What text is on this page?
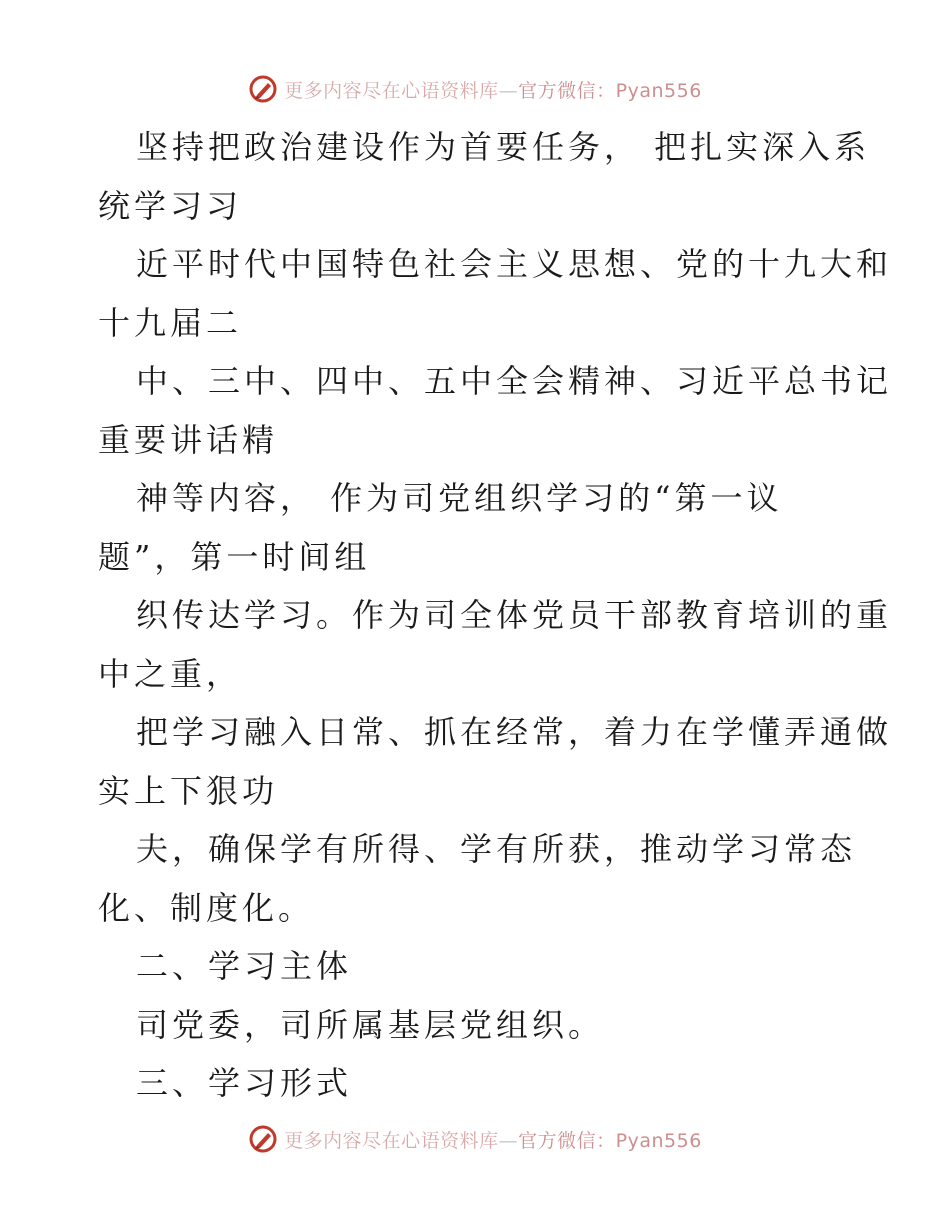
更多内容尽在心语资料库—官方微信：Pyan556
坚持把政治建设作为首要任务， 把扎实深入系
统学习习
近平时代中国特色社会主义思想、党的十九大和
十九届二
中、三中、四中、五中全会精神、习近平总书记
重要讲话精
神等内容， 作为司党组织学习的“第一议
题”，第一时间组
织传达学习。作为司全体党员干部教育培训的重
中之重，
把学习融入日常、抓在经常，着力在学懂弄通做
实上下狠功
夫，确保学有所得、学有所获，推动学习常态
化、制度化。
二、学习主体
司党委，司所属基层党组织。
三、学习形式
更多内容尽在心语资料库—官方微信：Pyan556
